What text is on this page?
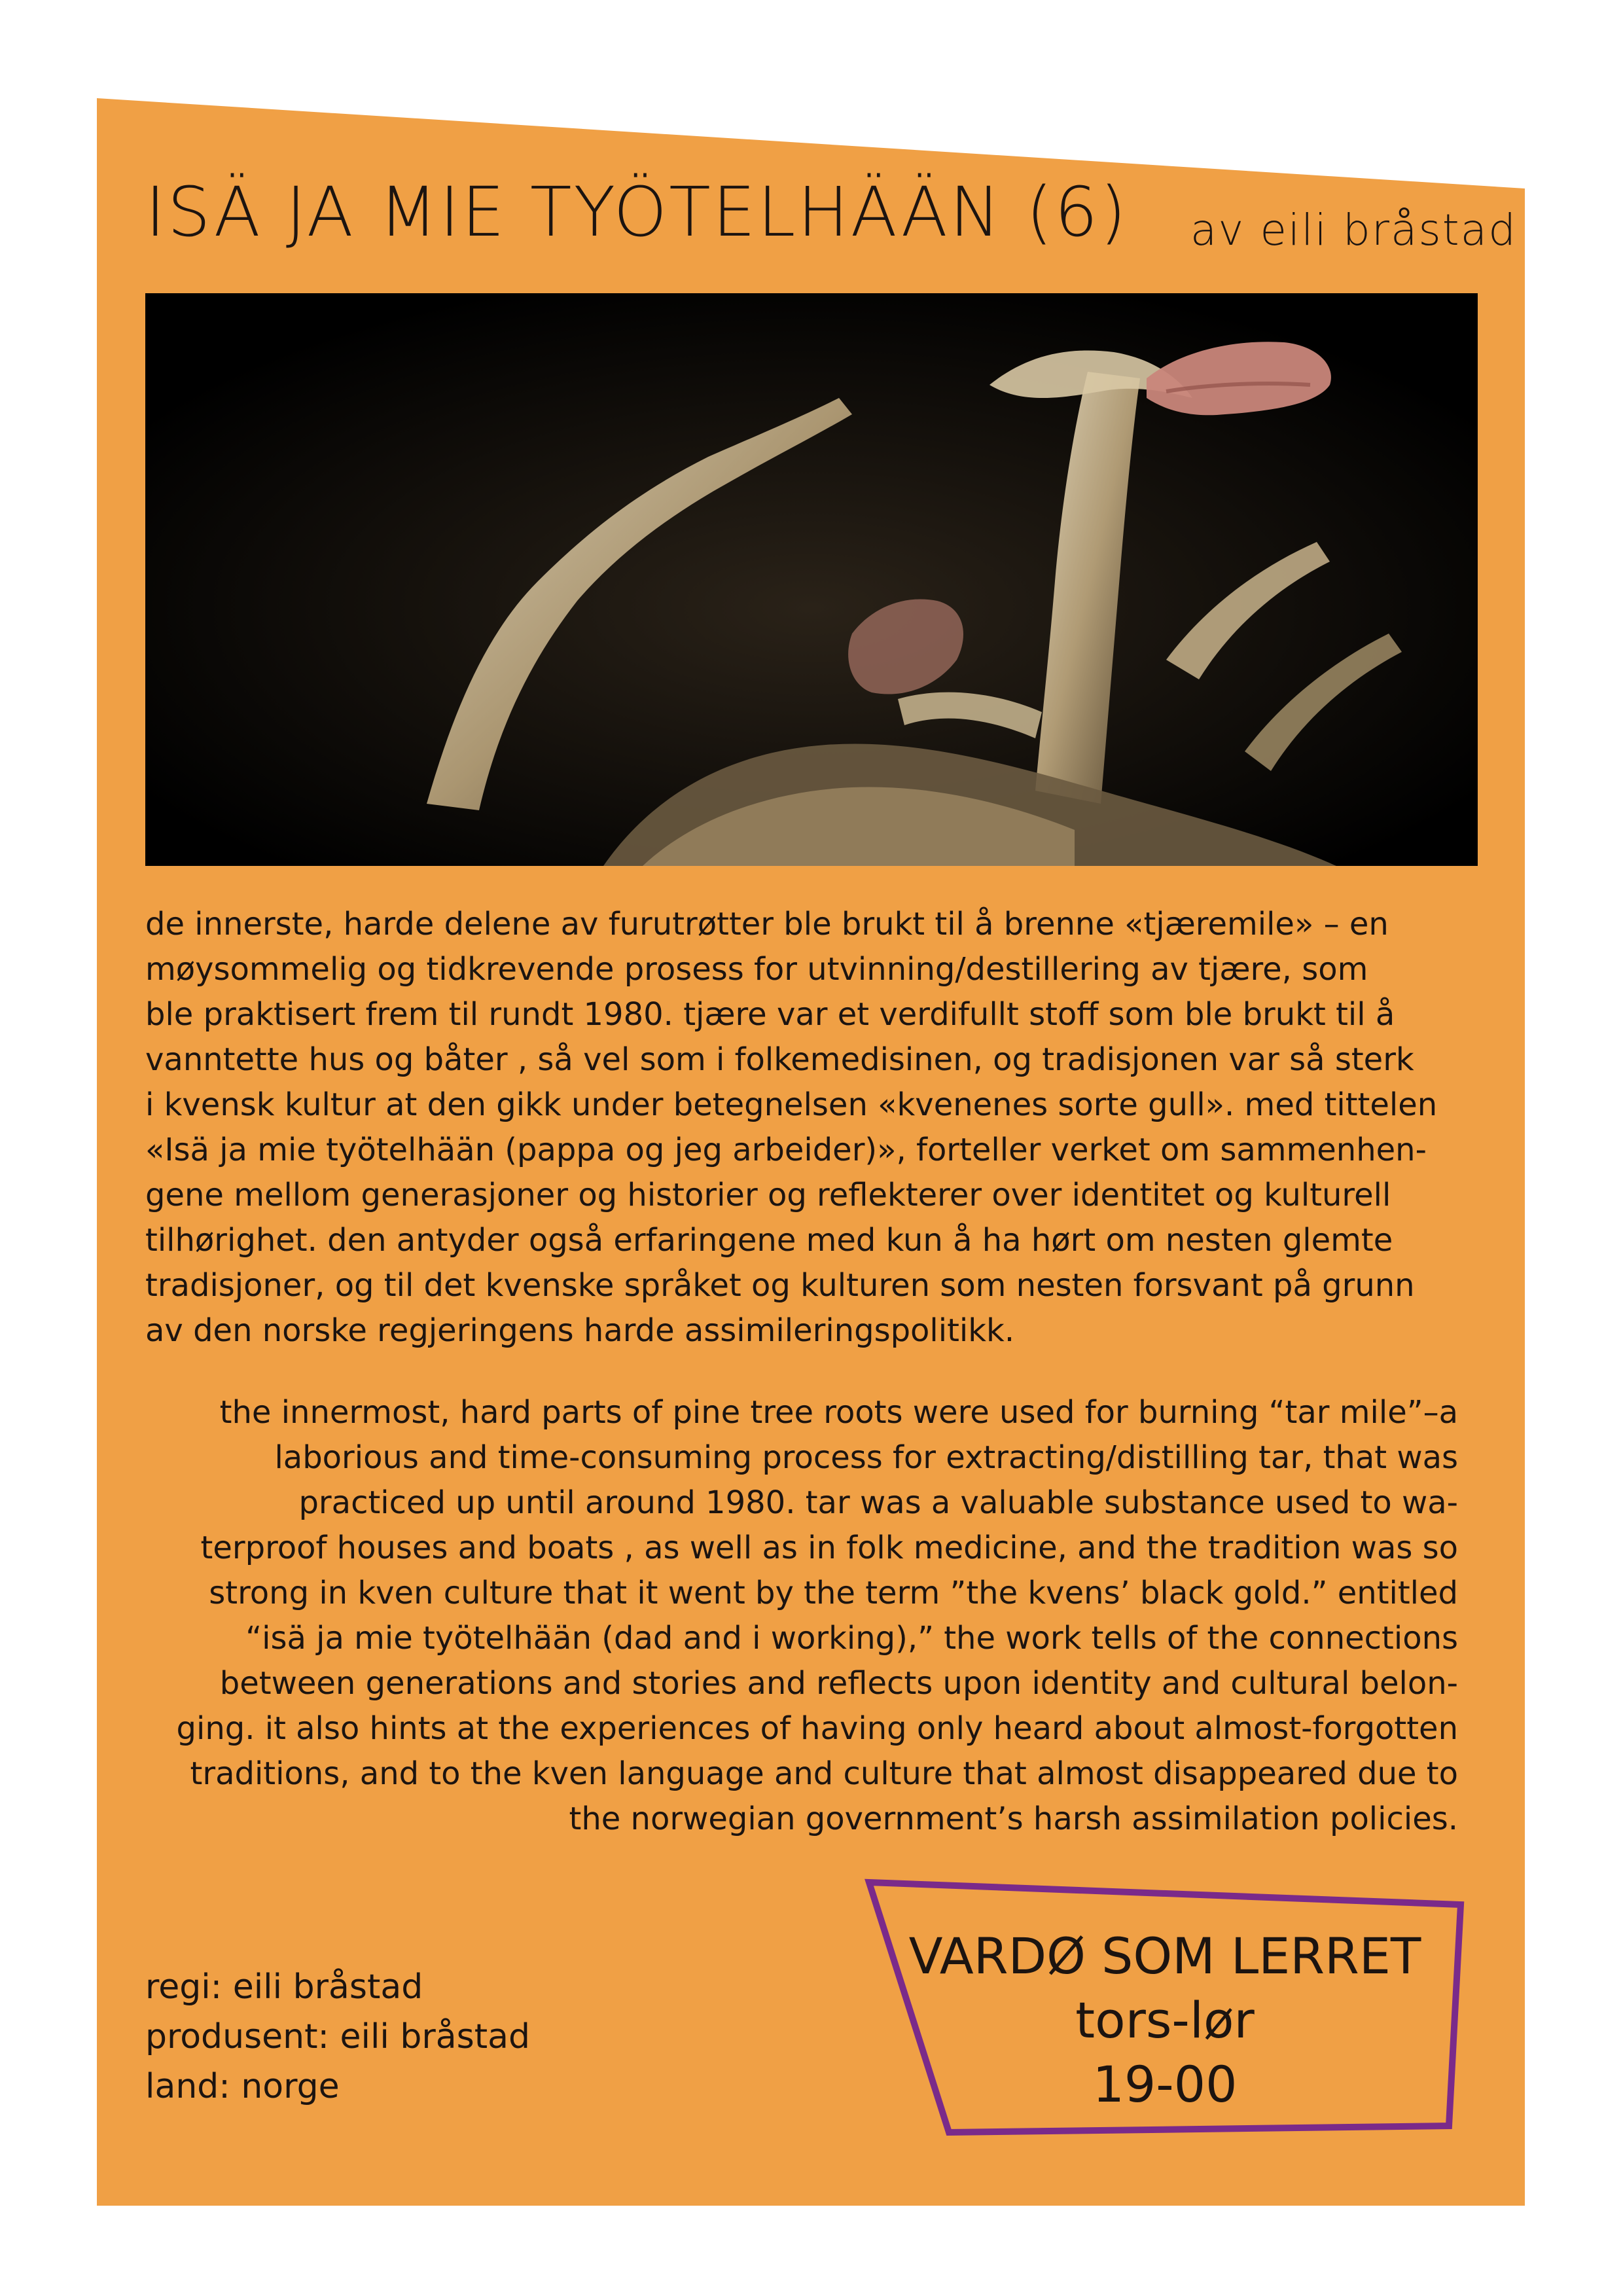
ISÄ JA MIE TYÖTELHÄÄN (6) av eili bråstad

de innerste, harde delene av furutrøtter ble brukt til å brenne «tjæremile» – en
møysommelig og tidkrevende prosess for utvinning/destillering av tjære, som
ble praktisert frem til rundt 1980. tjære var et verdifullt stoff som ble brukt til å
vanntette hus og båter , så vel som i folkemedisinen, og tradisjonen var så sterk
i kvensk kultur at den gikk under betegnelsen «kvenenes sorte gull». med tittelen
«Isä ja mie työtelhään (pappa og jeg arbeider)», forteller verket om sammenhen-
gene mellom generasjoner og historier og reflekterer over identitet og kulturell
tilhørighet. den antyder også erfaringene med kun å ha hørt om nesten glemte
tradisjoner, og til det kvenske språket og kulturen som nesten forsvant på grunn
av den norske regjeringens harde assimileringspolitikk.

the innermost, hard parts of pine tree roots were used for burning “tar mile”–a
laborious and time-consuming process for extracting/distilling tar, that was
practiced up until around 1980. tar was a valuable substance used to wa-
terproof houses and boats , as well as in folk medicine, and the tradition was so
strong in kven culture that it went by the term ”the kvens’ black gold.” entitled
“isä ja mie työtelhään (dad and i working),” the work tells of the connections
between generations and stories and reflects upon identity and cultural belon-
ging. it also hints at the experiences of having only heard about almost-forgotten
traditions, and to the kven language and culture that almost disappeared due to
the norwegian government’s harsh assimilation policies.

regi: eili bråstad
produsent: eili bråstad
land: norge
VARDØ SOM LERRET
tors-lør
19-00
